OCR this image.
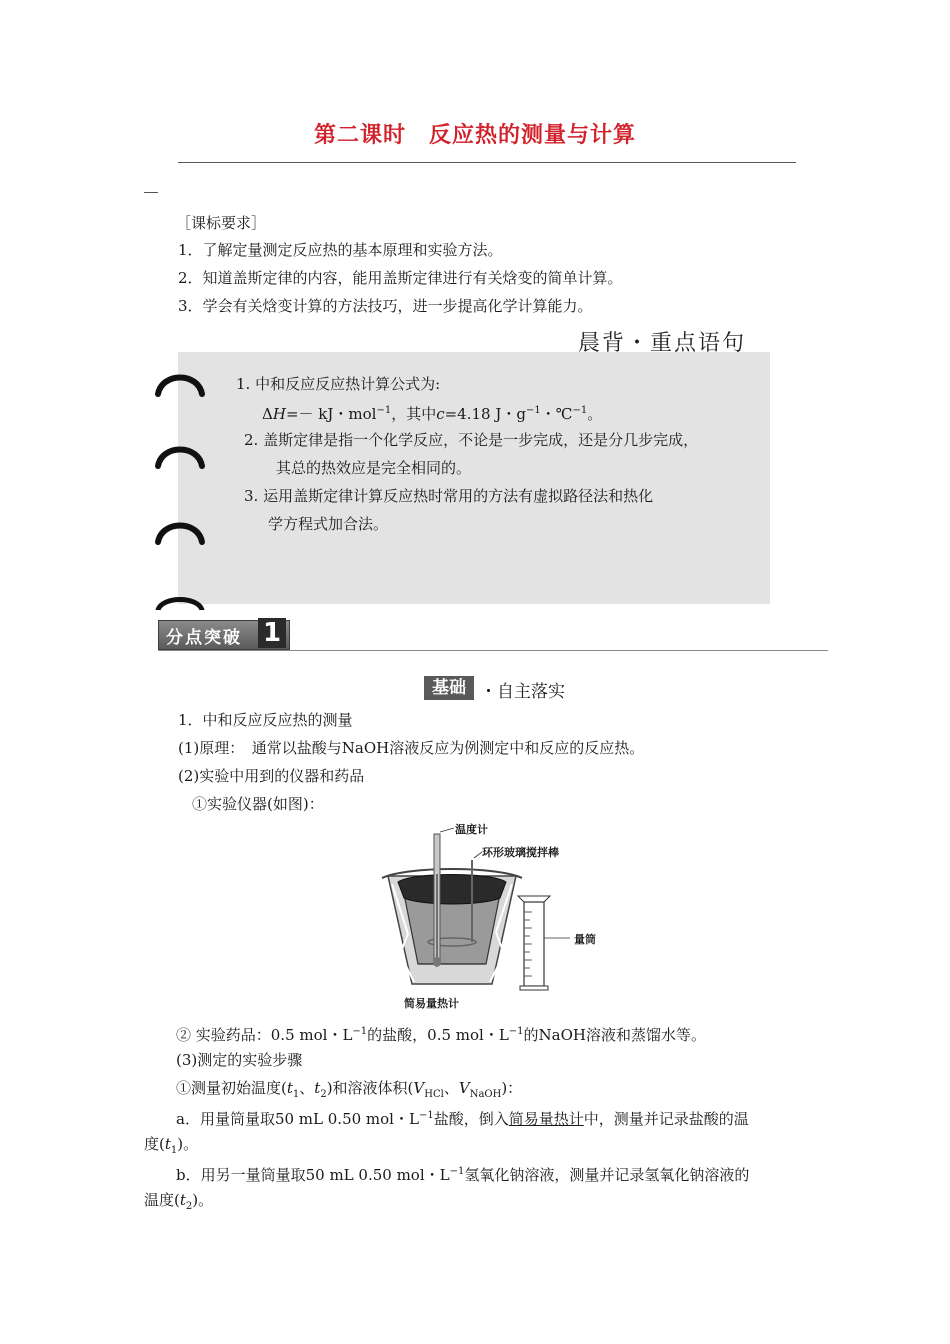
第二课时　反应热的测量与计算
［课标要求］
1．了解定量测定反应热的基本原理和实验方法。
2．知道盖斯定律的内容，能用盖斯定律进行有关焓变的简单计算。
3．学会有关焓变计算的方法技巧，进一步提高化学计算能力。
晨背・重点语句
1. 中和反应反应热计算公式为:
ΔH=－ kJ・mol$^{-1}$，其中c=4.18 J・$g^{-1}$・℃$^{-1}$。
2. 盖斯定律是指一个化学反应，不论是一步完成，还是分几步完成，
其总的热效应是完全相同的。
3. 运用盖斯定律计算反应热时常用的方法有虚拟路径法和热化
学方程式加合法。
分点突破 1
基础 ・自主落实
1．中和反应反应热的测量
(1)原理：　通常以盐酸与NaOH溶液反应为例测定中和反应的反应热。
(2)实验中用到的仪器和药品
①实验仪器(如图)：
温度计
环形玻璃搅拌棒
量筒
简易量热计
② 实验药品：0.5 mol・$L^{-1}$的盐酸，0.5 mol・$L^{-1}$的NaOH溶液和蒸馏水等。
(3)测定的实验步骤
①测量初始温度($t_1$、$t_2$)和溶液体积($V_{HCl}$、$V_{NaOH}$)：
a．用量筒量取50 mL 0.50 mol・$L^{-1}$盐酸，倒入简易量热计中，测量并记录盐酸的温
度$(t_1)$。
b．用另一量筒量取50 mL 0.50 mol・$L^{-1}$氢氧化钠溶液，测量并记录氢氧化钠溶液的
温度$(t_2)$。
